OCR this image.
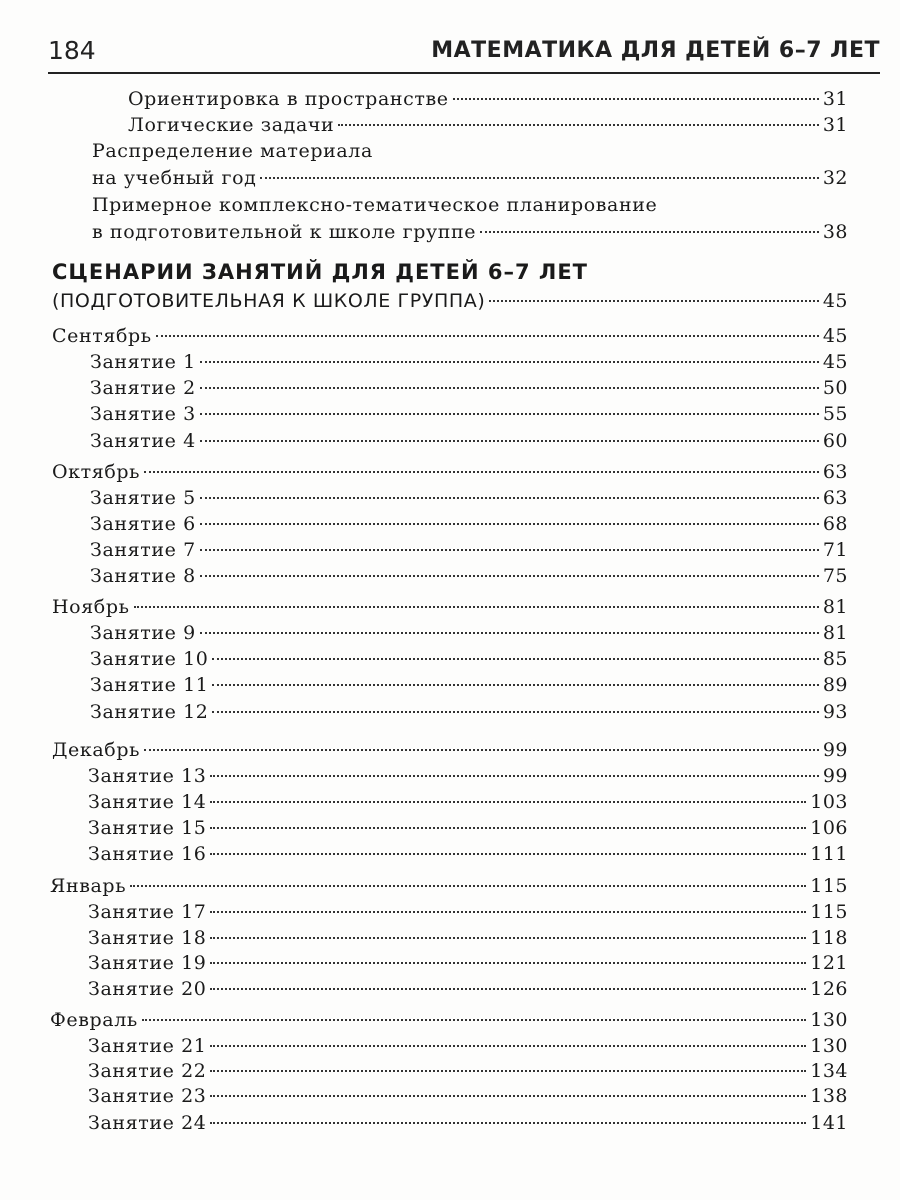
184	МАТЕМАТИКА ДЛЯ ДЕТЕЙ 6–7 ЛЕТ
Ориентировка в пространстве	31
Логические задачи	31
Распределение материала
на учебный год	32
Примерное комплексно-тематическое планирование
в подготовительной к школе группе	38
СЦЕНАРИИ ЗАНЯТИЙ ДЛЯ ДЕТЕЙ 6–7 ЛЕТ
(ПОДГОТОВИТЕЛЬНАЯ К ШКОЛЕ ГРУППА)	45
Сентябрь	45
Занятие 1	45
Занятие 2	50
Занятие 3	55
Занятие 4	60
Октябрь	63
Занятие 5	63
Занятие 6	68
Занятие 7	71
Занятие 8	75
Ноябрь	81
Занятие 9	81
Занятие 10	85
Занятие 11	89
Занятие 12	93
Декабрь	99
Занятие 13	99
Занятие 14	103
Занятие 15	106
Занятие 16	111
Январь	115
Занятие 17	115
Занятие 18	118
Занятие 19	121
Занятие 20	126
Февраль	130
Занятие 21	130
Занятие 22	134
Занятие 23	138
Занятие 24	141
